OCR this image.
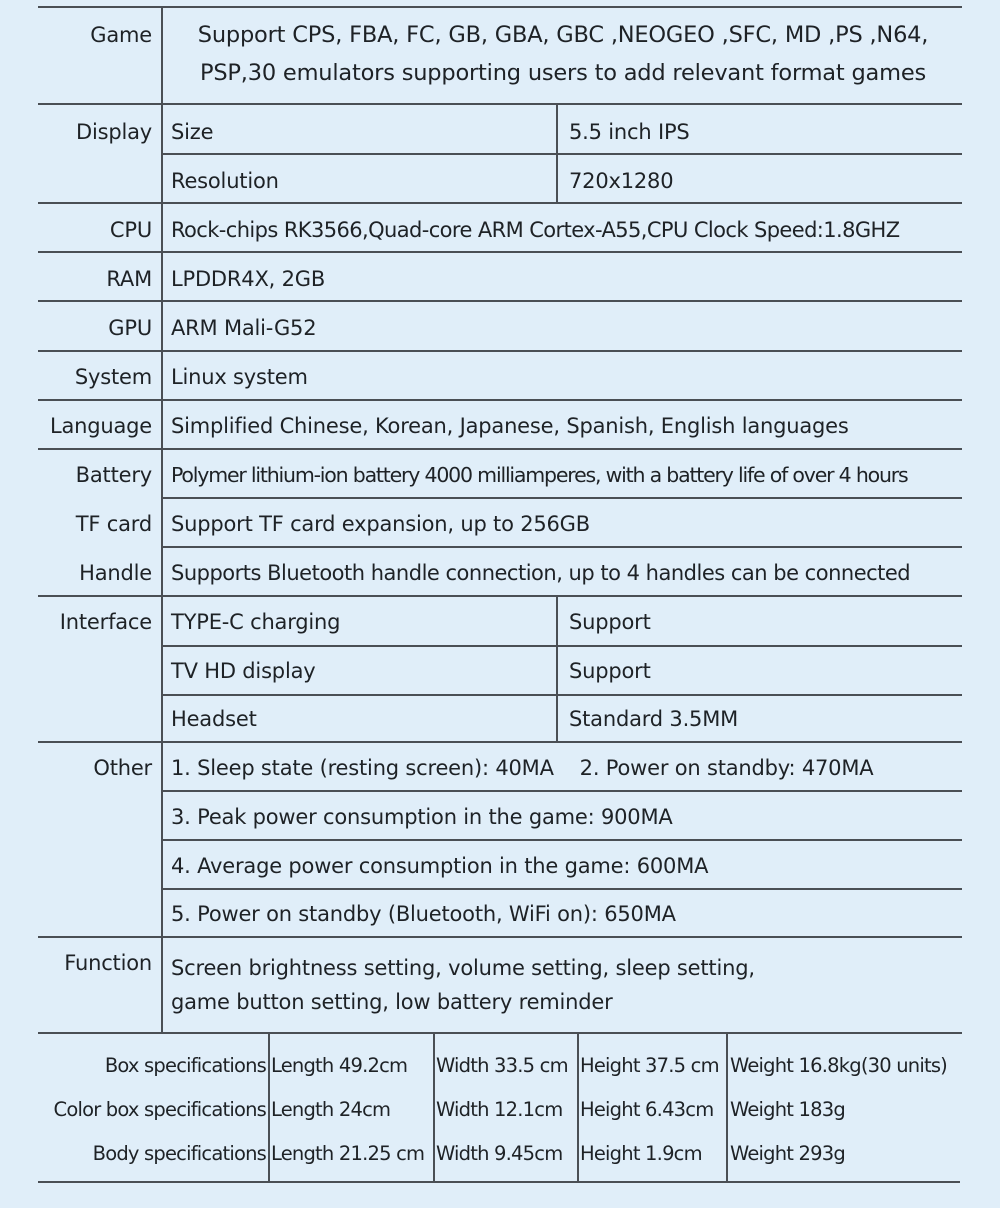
Game	Support CPS, FBA, FC, GB, GBA, GBC ,NEOGEO ,SFC, MD ,PS ,N64,
PSP,30 emulators supporting users to add relevant format games
Display Size	5.5 inch IPS
Resolution	720x1280
CPU Rock-chips RK3566,Quad-core ARM Cortex-A55,CPU Clock Speed:1.8GHZ
RAM LPDDR4X, 2GB
GPU ARM Mali-G52
System Linux system
Language Simplified Chinese, Korean, Japanese, Spanish, English languages
Battery Polymer lithium-ion battery 4000 milliamperes, with a battery life of over 4 hours
TF card Support TF card expansion, up to 256GB
Handle Supports Bluetooth handle connection, up to 4 handles can be connected
Interface TYPE-C charging	Support
TV HD display	Support
Headset	Standard 3.5MM
Other 1. Sleep state (resting screen): 40MA    2. Power on standby: 470MA
3. Peak power consumption in the game: 900MA
4. Average power consumption in the game: 600MA
5. Power on standby (Bluetooth, WiFi on): 650MA
Function Screen brightness setting, volume setting, sleep setting,
game button setting, low battery reminder
Box specifications Length 49.2cm Width 33.5 cm Height 37.5 cm Weight 16.8kg(30 units)
Color box specifications Length 24cm Width 12.1cm Height 6.43cm Weight 183g
Body specifications Length 21.25 cm Width 9.45cm Height 1.9cm Weight 293g
